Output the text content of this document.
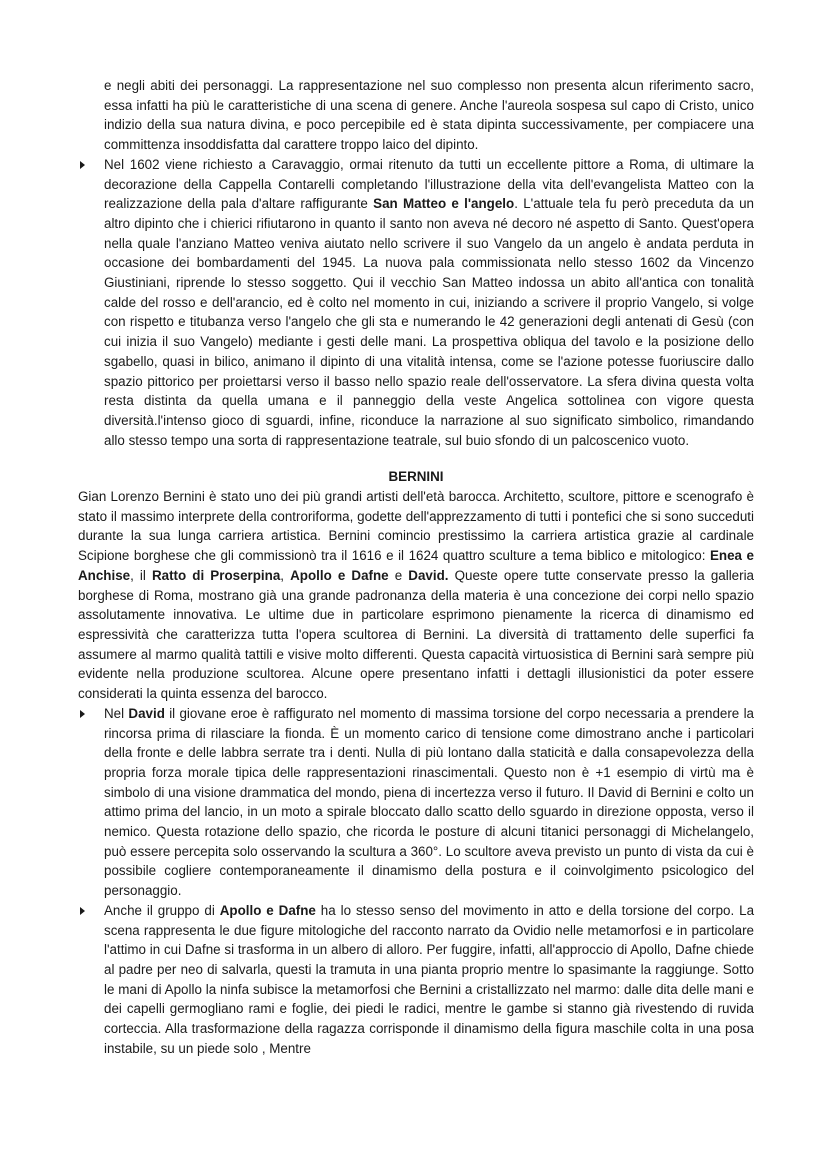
e negli abiti dei personaggi. La rappresentazione nel suo complesso non presenta alcun riferimento sacro, essa infatti ha più le caratteristiche di una scena di genere. Anche l'aureola sospesa sul capo di Cristo, unico indizio della sua natura divina, e poco percepibile ed è stata dipinta successivamente, per compiacere una committenza insoddisfatta dal carattere troppo laico del dipinto.

Nel 1602 viene richiesto a Caravaggio, ormai ritenuto da tutti un eccellente pittore a Roma, di ultimare la decorazione della Cappella Contarelli completando l'illustrazione della vita dell'evangelista Matteo con la realizzazione della pala d'altare raffigurante San Matteo e l'angelo. L'attuale tela fu però preceduta da un altro dipinto che i chierici rifiutarono in quanto il santo non aveva né decoro né aspetto di Santo. Quest'opera nella quale l'anziano Matteo veniva aiutato nello scrivere il suo Vangelo da un angelo è andata perduta in occasione dei bombardamenti del 1945. La nuova pala commissionata nello stesso 1602 da Vincenzo Giustiniani, riprende lo stesso soggetto. Qui il vecchio San Matteo indossa un abito all'antica con tonalità calde del rosso e dell'arancio, ed è colto nel momento in cui, iniziando a scrivere il proprio Vangelo, si volge con rispetto e titubanza verso l'angelo che gli sta e numerando le 42 generazioni degli antenati di Gesù (con cui inizia il suo Vangelo) mediante i gesti delle mani. La prospettiva obliqua del tavolo e la posizione dello sgabello, quasi in bilico, animano il dipinto di una vitalità intensa, come se l'azione potesse fuoriuscire dallo spazio pittorico per proiettarsi verso il basso nello spazio reale dell'osservatore. La sfera divina questa volta resta distinta da quella umana e il panneggio della veste Angelica sottolinea con vigore questa diversità.l'intenso gioco di sguardi, infine, riconduce la narrazione al suo significato simbolico, rimandando allo stesso tempo una sorta di rappresentazione teatrale, sul buio sfondo di un palcoscenico vuoto.

BERNINI

Gian Lorenzo Bernini è stato uno dei più grandi artisti dell'età barocca. Architetto, scultore, pittore e scenografo è stato il massimo interprete della controriforma, godette dell'apprezzamento di tutti i pontefici che si sono succeduti durante la sua lunga carriera artistica. Bernini comincio prestissimo la carriera artistica grazie al cardinale Scipione borghese che gli commissionò tra il 1616 e il 1624 quattro sculture a tema biblico e mitologico: Enea e Anchise, il Ratto di Proserpina, Apollo e Dafne e David. Queste opere tutte conservate presso la galleria borghese di Roma, mostrano già una grande padronanza della materia è una concezione dei corpi nello spazio assolutamente innovativa. Le ultime due in particolare esprimono pienamente la ricerca di dinamismo ed espressività che caratterizza tutta l'opera scultorea di Bernini. La diversità di trattamento delle superfici fa assumere al marmo qualità tattili e visive molto differenti. Questa capacità virtuosistica di Bernini sarà sempre più evidente nella produzione scultorea. Alcune opere presentano infatti i dettagli illusionistici da poter essere considerati la quinta essenza del barocco.

Nel David il giovane eroe è raffigurato nel momento di massima torsione del corpo necessaria a prendere la rincorsa prima di rilasciare la fionda. È un momento carico di tensione come dimostrano anche i particolari della fronte e delle labbra serrate tra i denti. Nulla di più lontano dalla staticità e dalla consapevolezza della propria forza morale tipica delle rappresentazioni rinascimentali. Questo non è +1 esempio di virtù ma è simbolo di una visione drammatica del mondo, piena di incertezza verso il futuro. Il David di Bernini e colto un attimo prima del lancio, in un moto a spirale bloccato dallo scatto dello sguardo in direzione opposta, verso il nemico. Questa rotazione dello spazio, che ricorda le posture di alcuni titanici personaggi di Michelangelo, può essere percepita solo osservando la scultura a 360°. Lo scultore aveva previsto un punto di vista da cui è possibile cogliere contemporaneamente il dinamismo della postura e il coinvolgimento psicologico del personaggio.

Anche il gruppo di Apollo e Dafne ha lo stesso senso del movimento in atto e della torsione del corpo. La scena rappresenta le due figure mitologiche del racconto narrato da Ovidio nelle metamorfosi e in particolare l'attimo in cui Dafne si trasforma in un albero di alloro. Per fuggire, infatti, all'approccio di Apollo, Dafne chiede al padre per neo di salvarla, questi la tramuta in una pianta proprio mentre lo spasimante la raggiunge. Sotto le mani di Apollo la ninfa subisce la metamorfosi che Bernini a cristallizzato nel marmo: dalle dita delle mani e dei capelli germogliano rami e foglie, dei piedi le radici, mentre le gambe si stanno già rivestendo di ruvida corteccia. Alla trasformazione della ragazza corrisponde il dinamismo della figura maschile colta in una posa instabile, su un piede solo , Mentre
